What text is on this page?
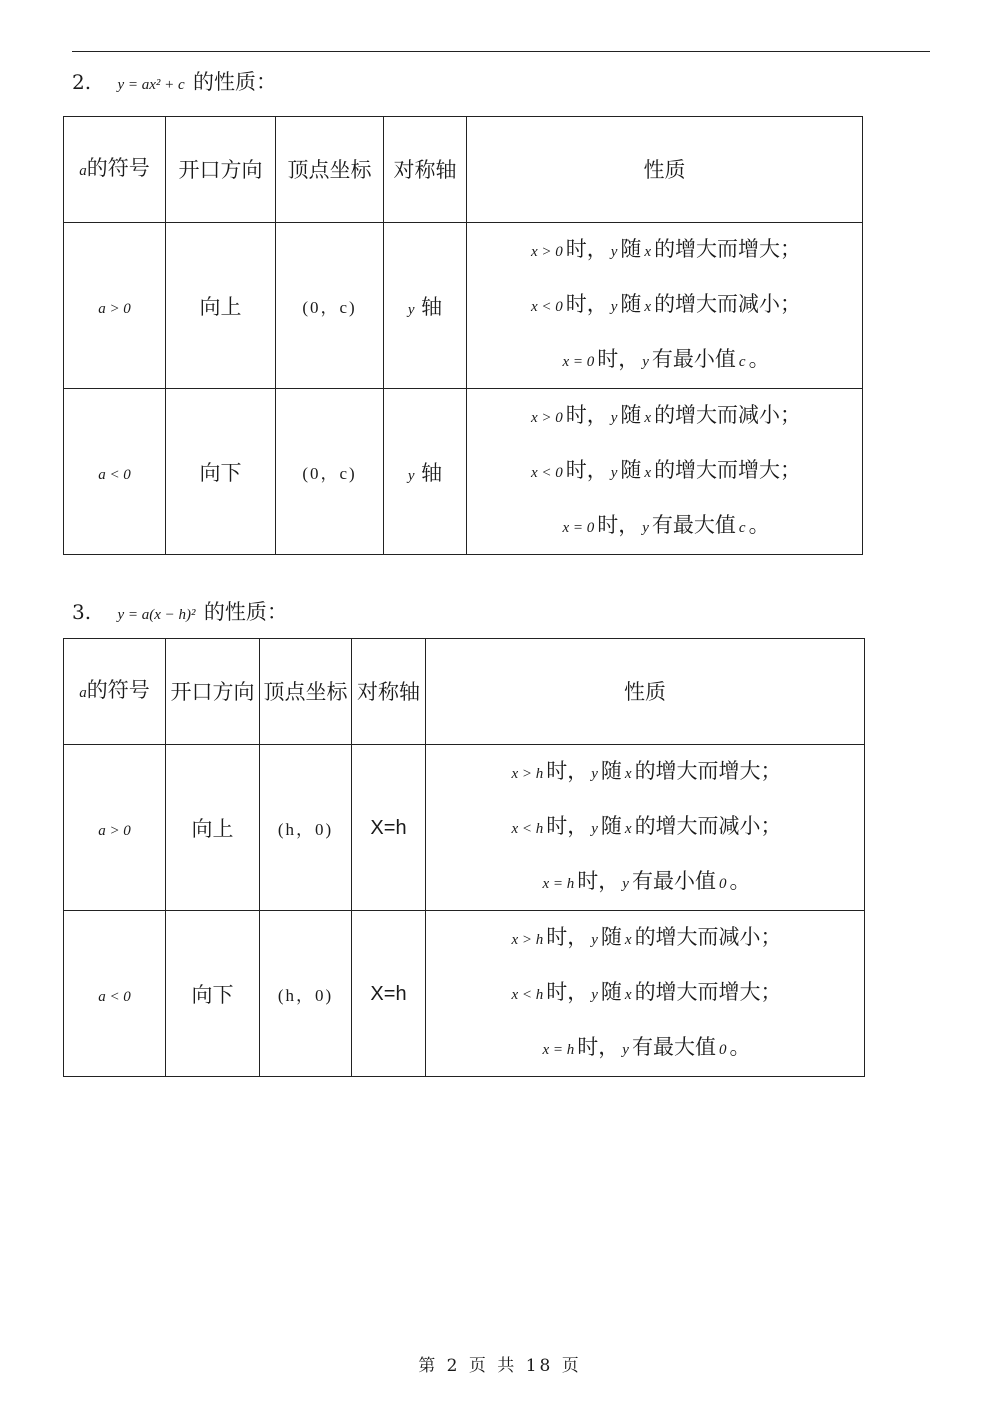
2. y = ax² + c 的性质：
a的符号	开口方向	顶点坐标	对称轴	性质
a > 0	向上	(0，c)	y 轴	x > 0 时， y 随 x 的增大而增大；
x < 0 时， y 随 x 的增大而减小；
x = 0 时， y 有最小值 c 。

a < 0	向下	(0，c)	y 轴	x > 0 时， y 随 x 的增大而减小；
x < 0 时， y 随 x 的增大而增大；
x = 0 时， y 有最大值 c 。
3. y = a(x − h)² 的性质：
a的符号	开口方向	顶点坐标	对称轴	性质
a > 0	向上	(h，0)	X=h	x > h 时， y 随 x 的增大而增大；
x < h 时， y 随 x 的增大而减小；
x = h 时， y 有最小值 0 。

a < 0	向下	(h，0)	X=h	x > h 时， y 随 x 的增大而减小；
x < h 时， y 随 x 的增大而增大；
x = h 时， y 有最大值 0 。
第 2 页 共 18 页
